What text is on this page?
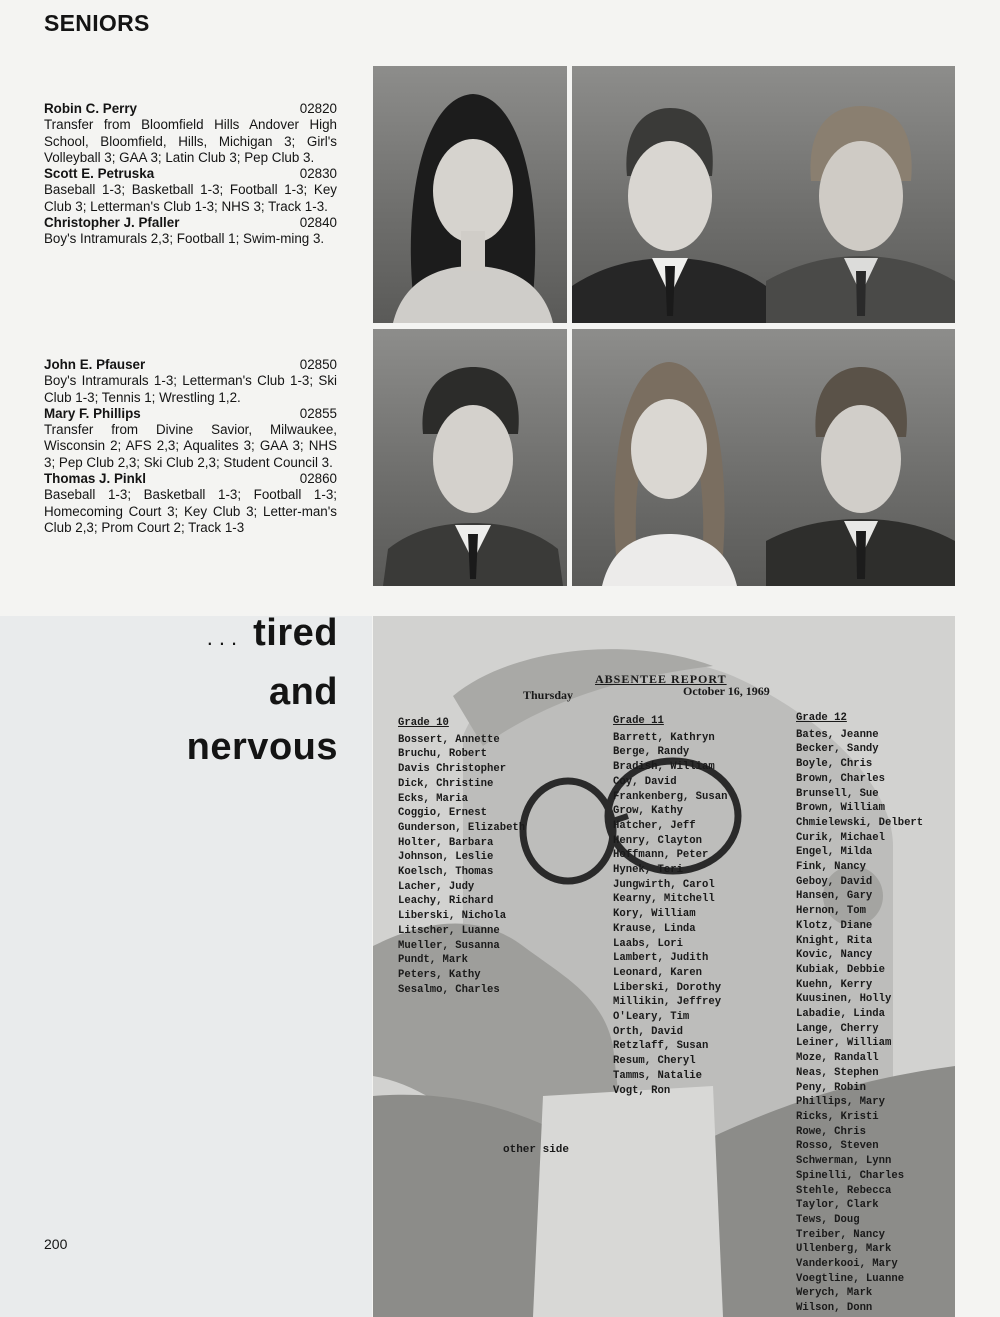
SENIORS
Robin C. Perry	02820

Transfer from Bloomfield Hills Andover High School, Bloomfield, Hills, Michigan 3; Girl's Volleyball 3; GAA 3; Latin Club 3; Pep Club 3.

Scott E. Petruska	02830

Baseball 1-3; Basketball 1-3; Football 1-3; Key Club 3; Letterman's Club 1-3; NHS 3; Track 1-3.

Christopher J. Pfaller	02840

Boy's Intramurals 2,3; Football 1; Swim-ming 3.

John E. Pfauser	02850

Boy's Intramurals 1-3; Letterman's Club 1-3; Ski Club 1-3; Tennis 1; Wrestling 1,2.

Mary F. Phillips	02855

Transfer from Divine Savior, Milwaukee, Wisconsin 2; AFS 2,3; Aqualites 3; GAA 3; NHS 3; Pep Club 2,3; Ski Club 2,3; Student Council 3.

Thomas J. Pinkl	02860

Baseball 1-3; Basketball 1-3; Football 1-3; Homecoming Court 3; Key Club 3; Letter-man's Club 2,3; Prom Court 2; Track 1-3

... tired
and
nervous
ABSENTEE REPORT
Thursday	October 16, 1969
Grade 10
Bossert, Annette
Bruchu, Robert
Davis Christopher
Dick, Christine
Ecks, Maria
Coggio, Ernest
Gunderson, Elizabeth
Holter, Barbara
Johnson, Leslie
Koelsch, Thomas
Lacher, Judy
Leachy, Richard
Liberski, Nichola
Litscher, Luanne
Mueller, Susanna
Pundt, Mark
Peters, Kathy
Sesalmo, Charles
Grade 11
Barrett, Kathryn
Berge, Randy
Bradish, William
Coy, David
Frankenberg, Susan
Grow, Kathy
Hatcher, Jeff
Henry, Clayton
Hoffmann, Peter
Hynek, Teri
Jungwirth, Carol
Kearny, Mitchell
Kory, William
Krause, Linda
Laabs, Lori
Lambert, Judith
Leonard, Karen
Liberski, Dorothy
Millikin, Jeffrey
O'Leary, Tim
Orth, David
Retzlaff, Susan
Resum, Cheryl
Tamms, Natalie
Vogt, Ron
Grade 12
Bates, Jeanne
Becker, Sandy
Boyle, Chris
Brown, Charles
Brunsell, Sue
Brown, William
Chmielewski, Delbert
Curik, Michael
Engel, Milda
Fink, Nancy
Geboy, David
Hansen, Gary
Hernon, Tom
Klotz, Diane
Knight, Rita
Kovic, Nancy
Kubiak, Debbie
Kuehn, Kerry
Kuusinen, Holly
Labadie, Linda
Lange, Cherry
Leiner, William
Moze, Randall
Neas, Stephen
Peny, Robin
Phillips, Mary
Ricks, Kristi
Rowe, Chris
Rosso, Steven
Schwerman, Lynn
Spinelli, Charles
Stehle, Rebecca
Taylor, Clark
Tews, Doug
Treiber, Nancy
Ullenberg, Mark
Vanderkooi, Mary
Voegtline, Luanne
Werych, Mark
Wilson, Donn
other side

200
